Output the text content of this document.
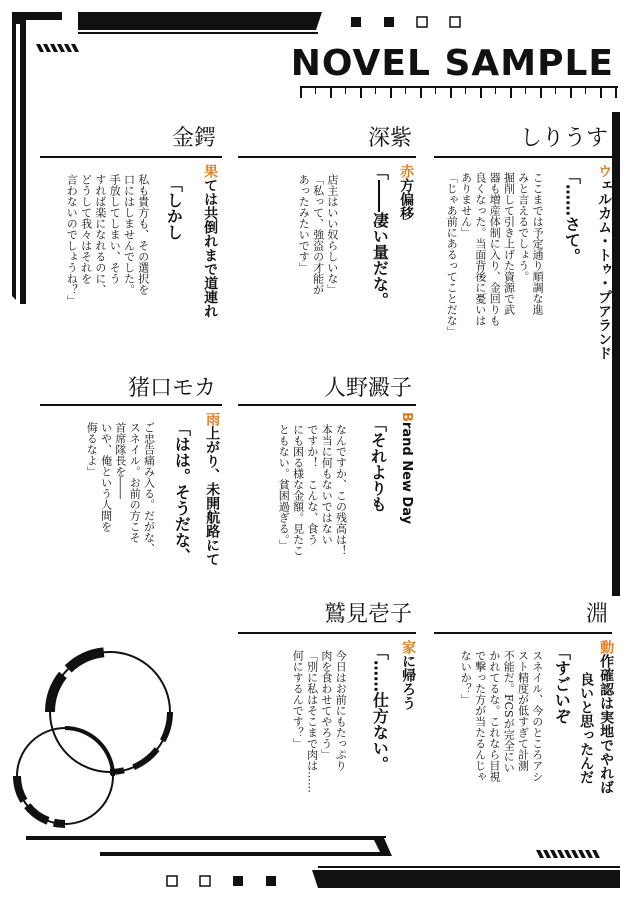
NOVEL SAMPLE
金鍔
果ては共倒れまで道連れ
「しかし
私も貴方も、その選択を
口にはしませんでした。
手放してしまい、そう
すれば楽になれるのに、
どうして我々はそれを
言わないのでしょうね？」
深紫
赤方偏移
「――凄い量だな。
店主はいい奴らしいな」
「私って、強盗の才能が
あったみたいです」
しりうす
ウェルカム・トゥ・プアランド
「……さて。
ここまでは予定通り順調な進
みと言えるでしょう。
掘削して引き上げた資源で武
器も増産体制に入り、金回りも
良くなった。当面背後に憂いは
ありません」
「じゃあ前にあるってことだな」
猪口モカ
雨上がり、未開航路にて
「はは。そうだな、
ご忠告痛み入る。だがな、
スネイル。お前の方こそ
首席隊長を――
いや、俺という人間を
侮るなよ」
人野澱子
Brand New Day
「それよりも
なんですか、この残高は！
本当に何もないではない
ですか！　こんな、食う
にも困る様な金額。見たこ
ともない。貧困過ぎる。」
鷲見壱子
家に帰ろう
「……仕方ない。
今日はお前にもたっぷり
肉を食わせてやろう」
「別に私はそこまで肉は……
何にするんです？」
淵
動作確認は実地でやれば
良いと思ったんだ
「すごいぞ
スネイル、今のところアシ
スト精度が低すぎて計測
不能だ。FCSが完全にい
かれてるな。これなら目視
で撃った方が当たるんじゃ
ないか？」
